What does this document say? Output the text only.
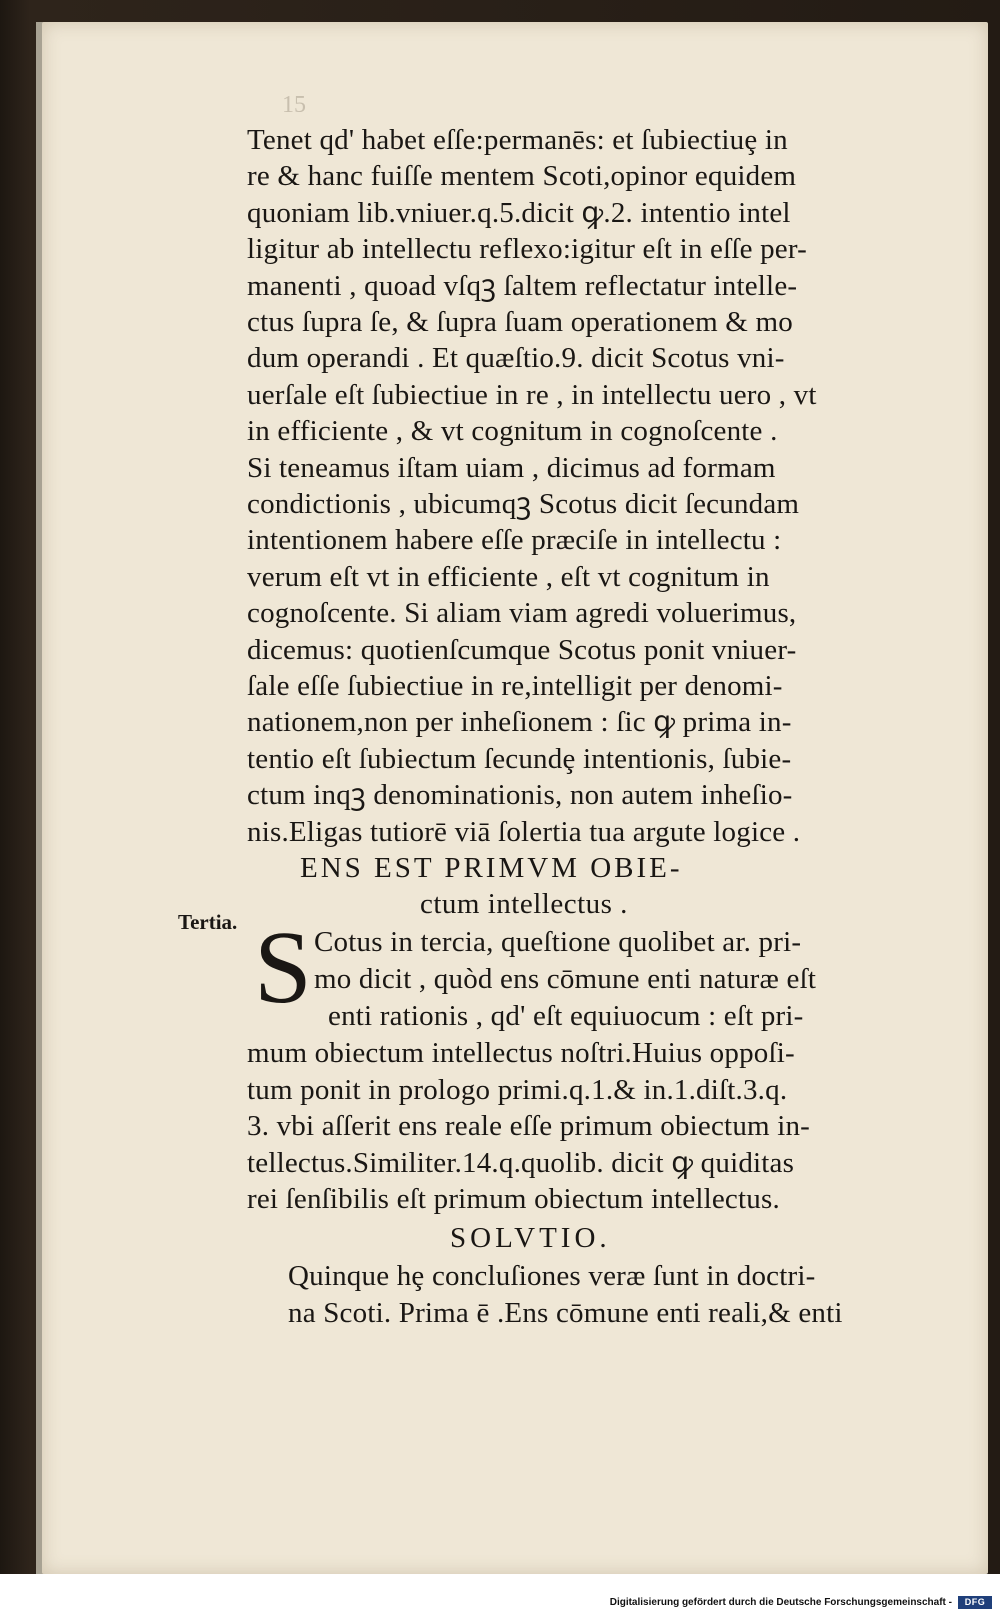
15
ENS EST PRIMVM OBIE-
ctum intellectus .
Tertia. S Cotus in tercia, queſtione quolibet ar. pri-
mo dicit , quòd ens cōmune enti naturæ eſt
enti rationis , qd' eſt equiuocum : eſt pri-
SOLVTIO.
Tenet qd' habet eſſe:permanēs: et ſubiectiuȩ in
re & hanc fuiſſe mentem Scoti,opinor equidem
quoniam lib.vniuer.q.5.dicit ꝙ.2. intentio intel
ligitur ab intellectu reflexo:igitur eſt in eſſe per-
manenti , quoad vſqꝫ ſaltem reflectatur intelle-
ctus ſupra ſe, & ſupra ſuam operationem & mo
dum operandi . Et quæſtio.9. dicit Scotus vni-
uerſale eſt ſubiectiue in re , in intellectu uero , vt
in efficiente , & vt cognitum in cognoſcente .
Si teneamus iſtam uiam , dicimus ad formam
condictionis , ubicumqꝫ Scotus dicit ſecundam
intentionem habere eſſe præciſe in intellectu :
verum eſt vt in efficiente , eſt vt cognitum in
cognoſcente. Si aliam viam agredi voluerimus,
dicemus: quotienſcumque Scotus ponit vniuer-
ſale eſſe ſubiectiue in re,intelligit per denomi-
nationem,non per inheſionem : ſic ꝙ prima in-
tentio eſt ſubiectum ſecundȩ intentionis, ſubie-
ctum inqꝫ denominationis, non autem inheſio-
nis.Eligas tutiorē viā ſolertia tua argute logice .
mum obiectum intellectus noſtri.Huius oppoſi-
tum ponit in prologo primi.q.1.& in.1.diſt.3.q.
3. vbi aſſerit ens reale eſſe primum obiectum in-
tellectus.Similiter.14.q.quolib. dicit ꝙ quiditas
rei ſenſibilis eſt primum obiectum intellectus.
Quinque hȩ concluſiones veræ ſunt in doctri-
na Scoti. Prima ē .Ens cōmune enti reali,& enti
Digitalisierung gefördert durch die Deutsche Forschungsgemeinschaft -	DFG
